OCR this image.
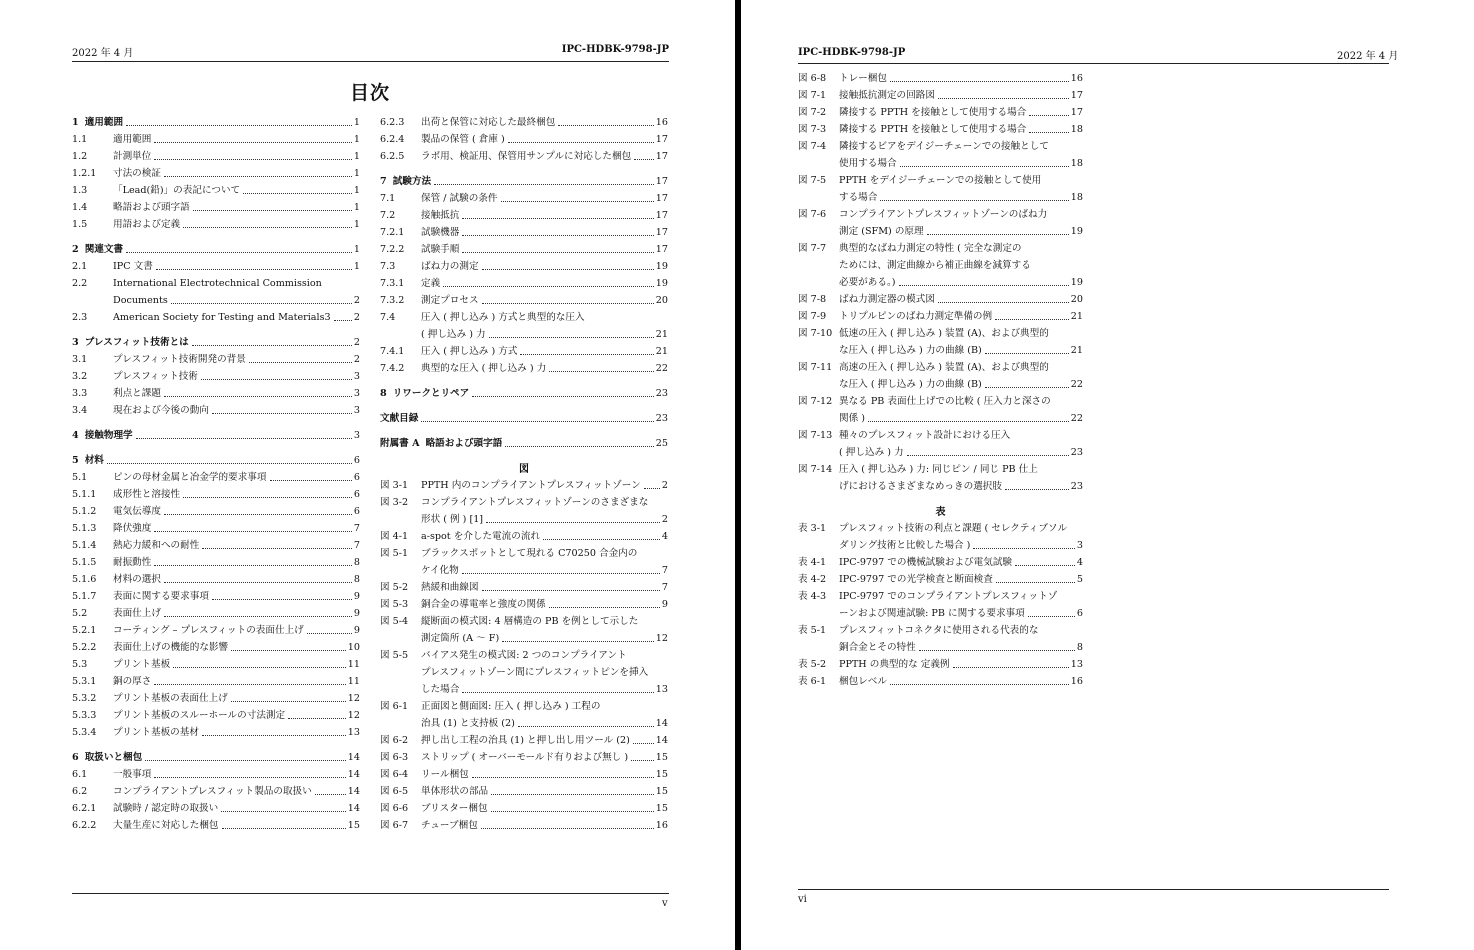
2022 年 4 月	IPC-HDBK-9798-JP
目次
1 適用範囲	1
1.1	適用範囲	1
1.2	計測単位	1
1.2.1	寸法の検証	1
1.3	「Lead(鉛)」の表記について	1
1.4	略語および頭字語	1
1.5	用語および定義	1
2 関連文書	1
2.1	IPC 文書	1
2.2	International Electrotechnical Commission
Documents	2
2.3	American Society for Testing and Materials3 2
3 プレスフィット技術とは	2
3.1	プレスフィット技術開発の背景	2
3.2	プレスフィット技術	3
3.3	利点と課題	3
3.4	現在および今後の動向	3
4 接触物理学	3
5 材料	6
5.1	ピンの母材金属と冶金学的要求事項	6
5.1.1	成形性と溶接性	6
5.1.2	電気伝導度	6
5.1.3	降伏強度	7
5.1.4	熱応力緩和への耐性	7
5.1.5	耐振動性	8
5.1.6	材料の選択	8
5.1.7	表面に関する要求事項	9
5.2	表面仕上げ	9
5.2.1	コーティング – プレスフィットの表面仕上げ	9
5.2.2	表面仕上げの機能的な影響	10
5.3	プリント基板	11
5.3.1	銅の厚さ	11
5.3.2	プリント基板の表面仕上げ	12
5.3.3	プリント基板のスルーホールの寸法測定	12
5.3.4	プリント基板の基材	13
6 取扱いと梱包	14
6.1	一般事項	14
6.2	コンプライアントプレスフィット製品の取扱い	14
6.2.1	試験時 / 認定時の取扱い	14
6.2.2	大量生産に対応した梱包	15
6.2.3	出荷と保管に対応した最終梱包	16
6.2.4	製品の保管 ( 倉庫 )	17
6.2.5	ラボ用、検証用、保管用サンプルに対応した梱包	17
7 試験方法	17
7.1	保管 / 試験の条件	17
7.2	接触抵抗	17
7.2.1	試験機器	17
7.2.2	試験手順	17
7.3	ばね力の測定	19
7.3.1	定義	19
7.3.2	測定プロセス	20
7.4	圧入 ( 押し込み ) 方式と典型的な圧入
( 押し込み ) 力	21
7.4.1	圧入 ( 押し込み ) 方式	21
7.4.2	典型的な圧入 ( 押し込み ) 力	22
8 リワークとリペア	23
文献目録	23
附属書 A 略語および頭字語	25
図
図 3-1	PPTH 内のコンプライアントプレスフィットゾーン 2
図 3-2	コンプライアントプレスフィットゾーンのさまざまな
形状 ( 例 ) [1]	2
図 4-1	a-spot を介した電流の流れ	4
図 5-1	ブラックスポットとして現れる C70250 合金内の
ケイ化物	7
図 5-2	熱緩和曲線図	7
図 5-3	銅合金の導電率と強度の関係	9
図 5-4	縦断面の模式図: 4 層構造の PB を例として示した
測定箇所 (A ～ F)	12
図 5-5	バイアス発生の模式図: 2 つのコンプライアント
プレスフィットゾーン間にプレスフィットピンを挿入
した場合	13
図 6-1	正面図と側面図: 圧入 ( 押し込み ) 工程の
治具 (1) と支持板 (2)	14
図 6-2	押し出し工程の治具 (1) と押し出し用ツール (2)	14
図 6-3	ストリップ ( オーバーモールド有りおよび無し )	15
図 6-4	リール梱包	15
図 6-5	単体形状の部品	15
図 6-6	ブリスター梱包	15
図 6-7	チューブ梱包	16
v
IPC-HDBK-9798-JP	2022 年 4 月
図 6-8	トレー梱包	16
図 7-1	接触抵抗測定の回路図	17
図 7-2	隣接する PPTH を接触として使用する場合	17
図 7-3	隣接する PPTH を接触として使用する場合	18
図 7-4	隣接するビアをデイジーチェーンでの接触として
使用する場合	18
図 7-5	PPTH をデイジーチェーンでの接触として使用
する場合	18
図 7-6	コンプライアントプレスフィットゾーンのばね力
測定 (SFM) の原理	19
図 7-7	典型的なばね力測定の特性 ( 完全な測定の
ためには、測定曲線から補正曲線を減算する
必要がある。)	19
図 7-8	ばね力測定器の模式図	20
図 7-9	トリプルピンのばね力測定準備の例	21
図 7-10 低速の圧入 ( 押し込み ) 装置 (A)、および典型的
な圧入 ( 押し込み ) 力の曲線 (B)	21
図 7-11 高速の圧入 ( 押し込み ) 装置 (A)、および典型的
な圧入 ( 押し込み ) 力の曲線 (B)	22
図 7-12 異なる PB 表面仕上げでの比較 ( 圧入力と深さの
関係 )	22
図 7-13 種々のプレスフィット設計における圧入
( 押し込み ) 力	23
図 7-14 圧入 ( 押し込み ) 力: 同じピン / 同じ PB 仕上
げにおけるさまざまなめっきの選択肢	23
表
表 3-1	プレスフィット技術の利点と課題 ( セレクティブソル
ダリング技術と比較した場合 )	3
表 4-1	IPC-9797 での機械試験および電気試験	4
表 4-2	IPC-9797 での光学検査と断面検査	5
表 4-3	IPC-9797 でのコンプライアントプレスフィットゾ
ーンおよび関連試験: PB に関する要求事項	6
表 5-1	プレスフィットコネクタに使用される代表的な
銅合金とその特性	8
表 5-2	PPTH の典型的な 定義例	13
表 6-1	梱包レベル	16
vi
